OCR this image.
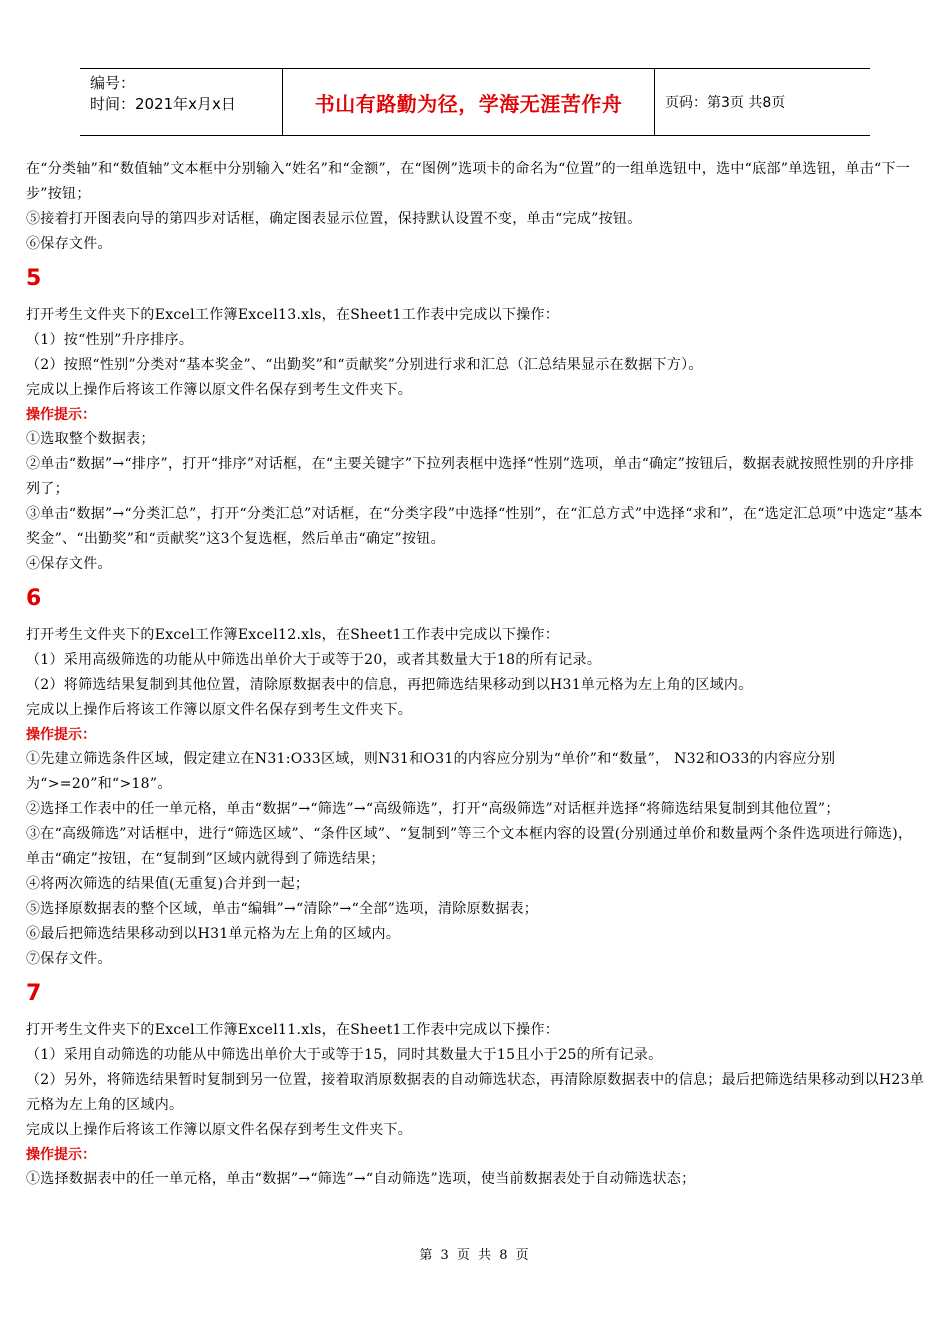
编号：
时间：2021年x月x日	书山有路勤为径，学海无涯苦作舟	页码：第3页 共8页

在“分类轴”和“数值轴”文本框中分别输入“姓名”和“金额”，在“图例”选项卡的命名为“位置”的一组单选钮中，选中“底部”单选钮，单击“下一步”按钮；

⑤接着打开图表向导的第四步对话框，确定图表显示位置，保持默认设置不变，单击“完成”按钮。

⑥保存文件。

5

打开考生文件夹下的Excel工作簿Excel13.xls，在Sheet1工作表中完成以下操作：

（1）按“性别”升序排序。

（2）按照“性别”分类对“基本奖金”、“出勤奖”和“贡献奖”分别进行求和汇总（汇总结果显示在数据下方）。

完成以上操作后将该工作簿以原文件名保存到考生文件夹下。

操作提示：

①选取整个数据表；

②单击“数据”→“排序”，打开“排序”对话框，在“主要关键字”下拉列表框中选择“性别”选项，单击“确定”按钮后，数据表就按照性别的升序排列了；

③单击“数据”→“分类汇总”，打开“分类汇总”对话框，在“分类字段”中选择“性别”，在“汇总方式”中选择“求和”，在“选定汇总项”中选定“基本奖金”、“出勤奖”和“贡献奖”这3个复选框，然后单击“确定”按钮。

④保存文件。

6

打开考生文件夹下的Excel工作簿Excel12.xls，在Sheet1工作表中完成以下操作：

（1）采用高级筛选的功能从中筛选出单价大于或等于20，或者其数量大于18的所有记录。

（2）将筛选结果复制到其他位置，清除原数据表中的信息，再把筛选结果移动到以H31单元格为左上角的区域内。

完成以上操作后将该工作簿以原文件名保存到考生文件夹下。

操作提示：

①先建立筛选条件区域，假定建立在N31:O33区域，则N31和O31的内容应分别为“单价”和“数量”， N32和O33的内容应分别为“>=20”和“>18”。

②选择工作表中的任一单元格，单击“数据”→“筛选”→“高级筛选”，打开“高级筛选”对话框并选择“将筛选结果复制到其他位置”；

③在“高级筛选”对话框中，进行“筛选区域”、“条件区域”、“复制到”等三个文本框内容的设置(分别通过单价和数量两个条件选项进行筛选)，单击“确定”按钮，在“复制到”区域内就得到了筛选结果；

④将两次筛选的结果值(无重复)合并到一起；

⑤选择原数据表的整个区域，单击“编辑”→“清除”→“全部”选项，清除原数据表；

⑥最后把筛选结果移动到以H31单元格为左上角的区域内。

⑦保存文件。

7

打开考生文件夹下的Excel工作簿Excel11.xls，在Sheet1工作表中完成以下操作：

（1）采用自动筛选的功能从中筛选出单价大于或等于15，同时其数量大于15且小于25的所有记录。

（2）另外，将筛选结果暂时复制到另一位置，接着取消原数据表的自动筛选状态，再清除原数据表中的信息；最后把筛选结果移动到以H23单元格为左上角的区域内。

完成以上操作后将该工作簿以原文件名保存到考生文件夹下。

操作提示：

①选择数据表中的任一单元格，单击“数据”→“筛选”→“自动筛选”选项，使当前数据表处于自动筛选状态；

第 3 页 共 8 页
